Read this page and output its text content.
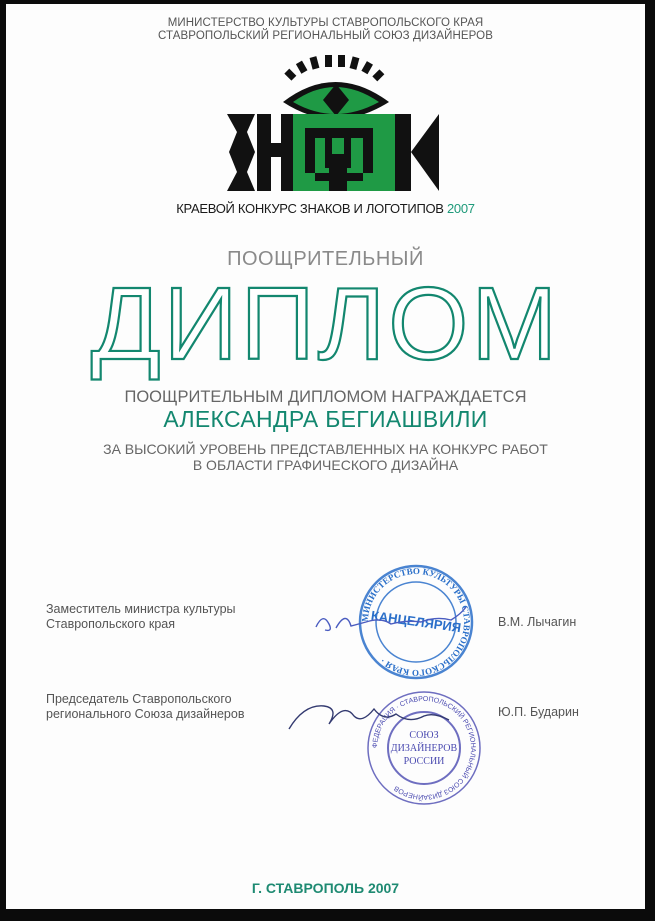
МИНИСТЕРСТВО КУЛЬТУРЫ СТАВРОПОЛЬСКОГО КРАЯ
СТАВРОПОЛЬСКИЙ РЕГИОНАЛЬНЫЙ СОЮЗ ДИЗАЙНЕРОВ
КРАЕВОЙ КОНКУРС ЗНАКОВ И ЛОГОТИПОВ 2007
ПООЩРИТЕЛЬНЫЙ
ДИПЛОМ
ПООЩРИТЕЛЬНЫМ ДИПЛОМОМ НАГРАЖДАЕТСЯ
АЛЕКСАНДРА БЕГИАШВИЛИ
ЗА ВЫСОКИЙ УРОВЕНЬ ПРЕДСТАВЛЕННЫХ НА КОНКУРС РАБОТ
В ОБЛАСТИ ГРАФИЧЕСКОГО ДИЗАЙНА
Заместитель министра культуры
Ставропольского края	МИНИСТЕРСТВО КУЛЬТУРЫ СТАВРОПОЛЬСКОГО КРАЯ ·
КАНЦЕЛЯРИЯ	В.М. Лычагин
Председатель Ставропольского
регионального Союза дизайнеров
ФЕДЕРАЦИЯ · СТАВРОПОЛЬСКИЙ РЕГИОНАЛЬНЫЙ СОЮЗ ДИЗАЙНЕРОВ
СОЮЗ
ДИЗАЙНЕРОВ
РОССИИ
Ю.П. Бударин
Г. СТАВРОПОЛЬ 2007
